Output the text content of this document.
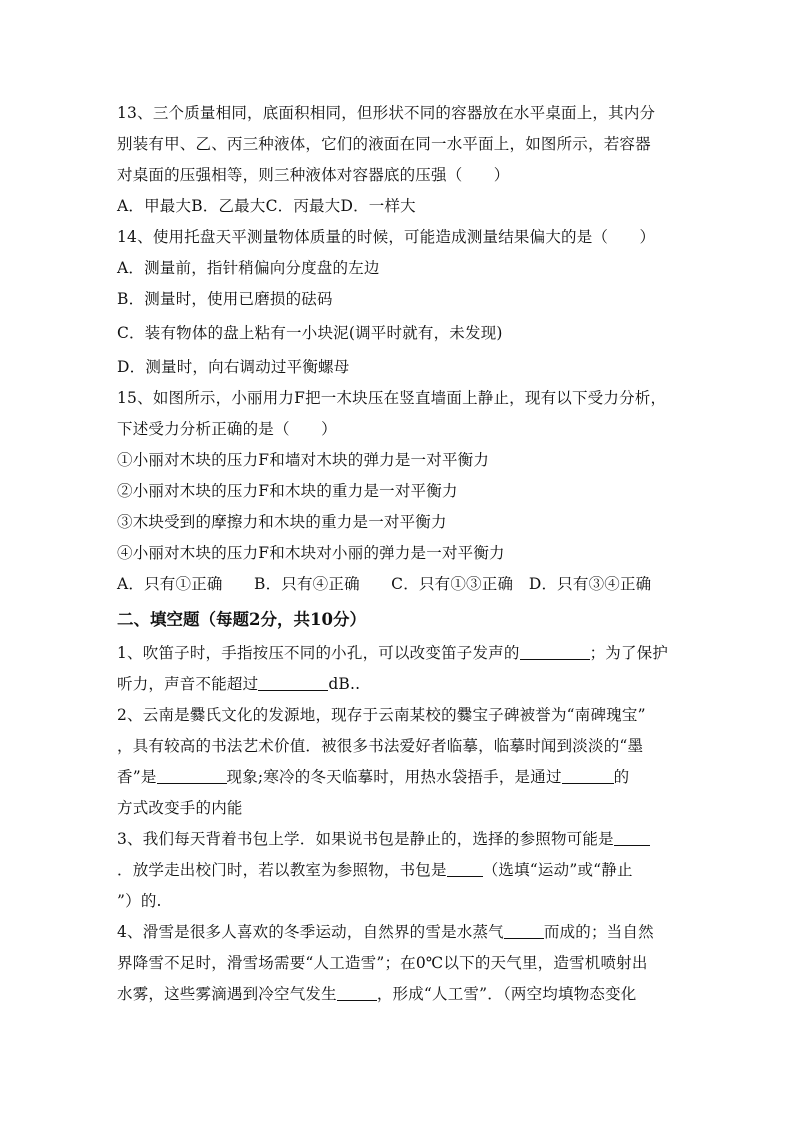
13、三个质量相同，底面积相同，但形状不同的容器放在水平桌面上，其内分
别装有甲、乙、丙三种液体，它们的液面在同一水平面上，如图所示，若容器
对桌面的压强相等，则三种液体对容器底的压强（　　）
A．甲最大B．乙最大C．丙最大D．一样大
14、使用托盘天平测量物体质量的时候，可能造成测量结果偏大的是（　　）
A．测量前，指针稍偏向分度盘的左边
B．测量时，使用已磨损的砝码
C．装有物体的盘上粘有一小块泥(调平时就有，未发现)
D．测量时，向右调动过平衡螺母
15、如图所示，小丽用力F把一木块压在竖直墙面上静止，现有以下受力分析，
下述受力分析正确的是（　　）
①小丽对木块的压力F和墙对木块的弹力是一对平衡力
②小丽对木块的压力F和木块的重力是一对平衡力
③木块受到的摩擦力和木块的重力是一对平衡力
④小丽对木块的压力F和木块对小丽的弹力是一对平衡力
A．只有①正确　　B．只有④正确　　C．只有①③正确　D．只有③④正确
二、填空题（每题2分，共10分）
1、吹笛子时，手指按压不同的小孔，可以改变笛子发声的	；为了保护
听力，声音不能超过	dB..
2、云南是爨氏文化的发源地，现存于云南某校的爨宝子碑被誉为“南碑瑰宝”
，具有较高的书法艺术价值．被很多书法爱好者临摹，临摹时闻到淡淡的“墨
香”是	现象;寒冷的冬天临摹时，用热水袋捂手，是通过	的
方式改变手的内能
3、我们每天背着书包上学．如果说书包是静止的，选择的参照物可能是
．放学走出校门时，若以教室为参照物，书包是 （选填“运动”或“静止
”）的.
4、滑雪是很多人喜欢的冬季运动，自然界的雪是水蒸气	而成的；当自然
界降雪不足时，滑雪场需要“人工造雪”；在0℃以下的天气里，造雪机喷射出
水雾，这些雾滴遇到冷空气发生	，形成“人工雪”．（两空均填物态变化
